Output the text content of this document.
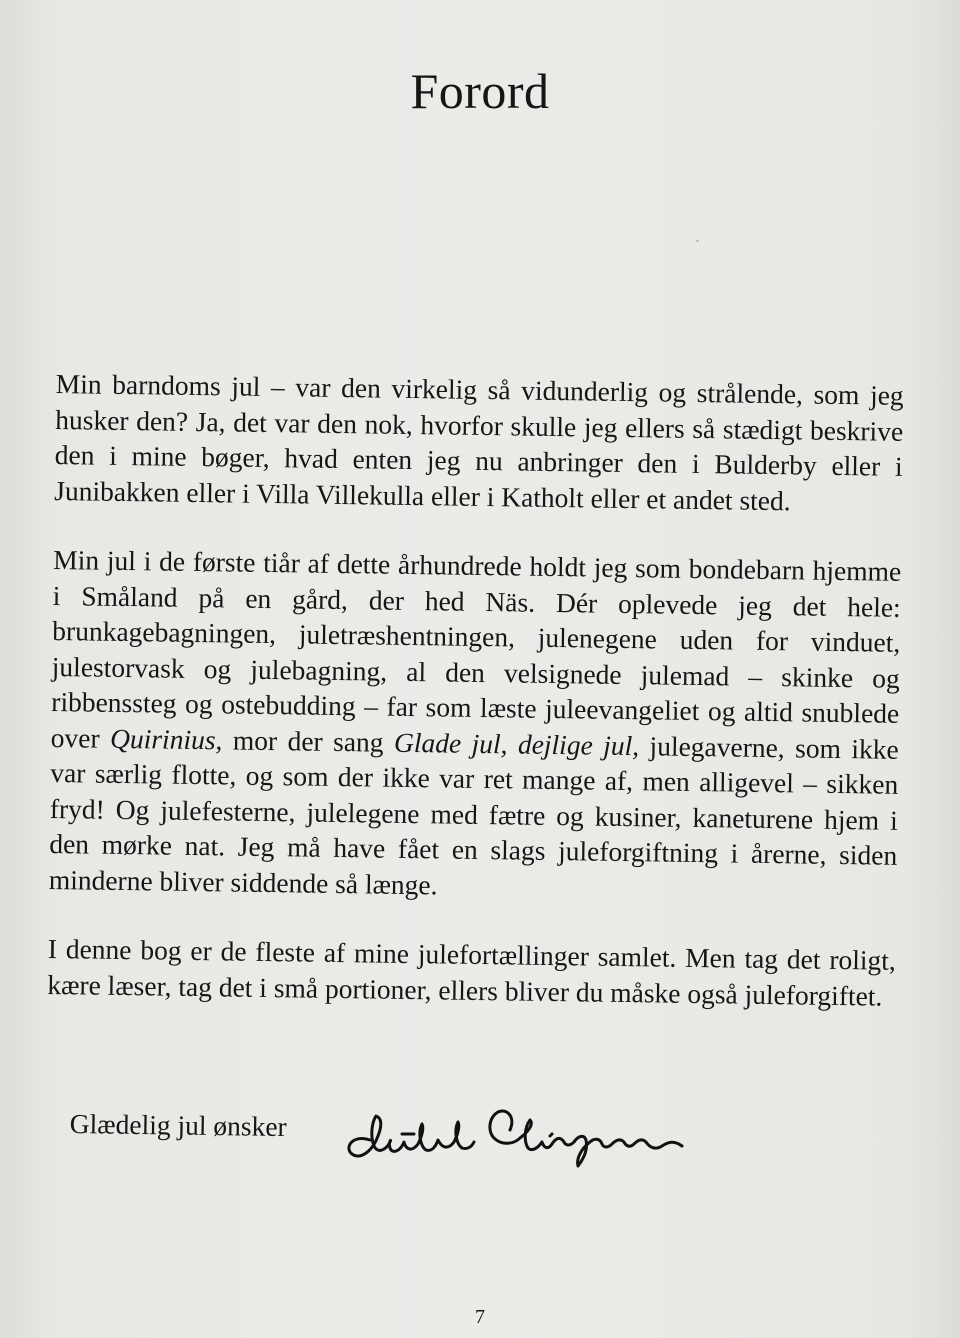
Forord

Min barndoms jul – var den virkelig så vidunderlig og strålende, som jeg husker den? Ja, det var den nok, hvorfor skulle jeg ellers så stædigt beskrive den i mine bøger, hvad enten jeg nu anbringer den i Bulderby eller i Junibakken eller i Villa Villekulla eller i Katholt eller et andet sted.

Min jul i de første tiår af dette århundrede holdt jeg som bondebarn hjemme i Småland på en gård, der hed Näs. Dér oplevede jeg det hele: brunkagebagningen, juletræshentningen, julenegene uden for vinduet, julestorvask og julebagning, al den velsignede julemad – skinke og ribbenssteg og ostebudding – far som læste juleevangeliet og altid snublede over Quirinius, mor der sang Glade jul, dejlige jul, julegaverne, som ikke var særlig flotte, og som der ikke var ret mange af, men alligevel – sikken fryd! Og julefesterne, julelegene med fætre og kusiner, kaneturene hjem i den mørke nat. Jeg må have fået en slags juleforgiftning i årerne, siden minderne bliver siddende så længe.

I denne bog er de fleste af mine julefortællinger samlet. Men tag det roligt, kære læser, tag det i små portioner, ellers bliver du måske også juleforgiftet.

Glædelig jul ønsker
7
